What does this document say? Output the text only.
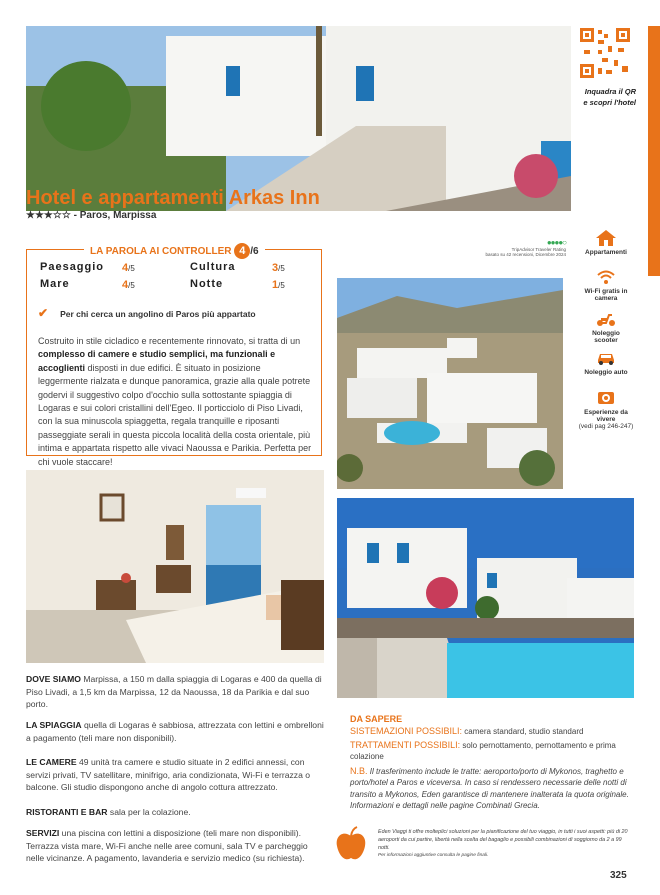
Inquadra il QR
e scopri l'hotel
Hotel e appartamenti Arkas Inn
★★★☆☆ - Paros, Marpissa
LA PAROLA AI CONTROLLER 4 /6
Paesaggio 4/5	Cultura	3/5
Mare	4/5	Notte	1/5
✔ Per chi cerca un angolino di Paros più appartato
Costruito in stile cicladico e recentemente rinnovato, si tratta di un complesso di camere e studio semplici, ma funzionali e accoglienti disposti in due edifici. È situato in posizione leggermente rialzata e dunque panoramica, grazie alla quale potrete godervi il suggestivo colpo d'occhio sulla sottostante spiaggia di Logaras e sui colori cristallini dell'Egeo. Il porticciolo di Piso Livadi, con la sua minuscola spiaggetta, regala tranquille e riposanti passeggiate serali in questa piccola località della costa orientale, più intima e appartata rispetto alle vivaci Naoussa e Parikia. Perfetta per chi vuole staccare!
●●●●○
TripAdvisor Traveler Rating
basato su 42 recensioni, Dicembre 2024	Appartamenti
Wi-Fi gratis in camera
Noleggio scooter
Noleggio auto
Esperienze da vivere
(vedi pag 246-247)
DOVE SIAMO Marpissa, a 150 m dalla spiaggia di Logaras e 400 da quella di Piso Livadi, a 1,5 km da Marpissa, 12 da Naoussa, 18 da Parikia e dal suo porto.
LA SPIAGGIA quella di Logaras è sabbiosa, attrezzata con lettini e ombrelloni a pagamento (teli mare non disponibili).
LE CAMERE 49 unità tra camere e studio situate in 2 edifici annessi, con servizi privati, TV satellitare, minifrigo, aria condizionata, Wi-Fi e terrazza o balcone. Gli studio dispongono anche di angolo cottura attrezzato.
RISTORANTI E BAR sala per la colazione.
SERVIZI una piscina con lettini a disposizione (teli mare non disponibili). Terrazza vista mare, Wi-Fi anche nelle aree comuni, sala TV e parcheggio nelle vicinanze. A pagamento, lavanderia e servizio medico (su richiesta).
DA SAPERE
SISTEMAZIONI POSSIBILI: camera standard, studio standard
TRATTAMENTI POSSIBILI: solo pernottamento, pernottamento e prima colazione
N.B. Il trasferimento include le tratte: aeroporto/porto di Mykonos, traghetto e porto/hotel a Paros e viceversa. In caso si rendessero necessarie delle notti di transito a Mykonos, Eden garantisce di mantenere inalterata la quota originale. Informazioni e dettagli nelle pagine Combinati Grecia.
Eden Viaggi ti offre molteplici soluzioni per la pianificazione del tuo viaggio, in tutti i suoi aspetti: più di 20 aeroporti da cui partire, libertà nella scelta del bagaglio e possibili combinazioni di soggiorno da 2 a 99 notti.
Per informazioni aggiuntive consulta le pagine finali.
325
